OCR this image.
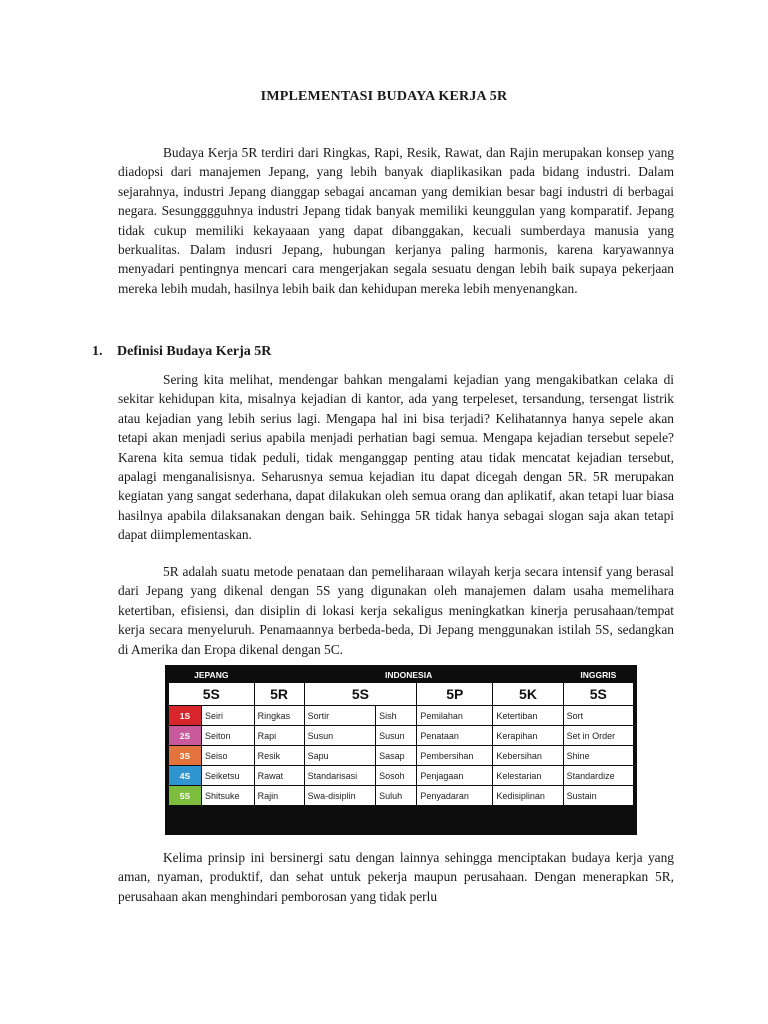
IMPLEMENTASI BUDAYA KERJA 5R

Budaya Kerja 5R terdiri dari Ringkas, Rapi, Resik, Rawat, dan Rajin merupakan konsep yang diadopsi dari manajemen Jepang, yang lebih banyak diaplikasikan pada bidang industri. Dalam sejarahnya, industri Jepang dianggap sebagai ancaman yang demikian besar bagi industri di berbagai negara. Sesungggguhnya industri Jepang tidak banyak memiliki keunggulan yang komparatif. Jepang tidak cukup memiliki kekayaaan yang dapat dibanggakan, kecuali sumberdaya manusia yang berkualitas. Dalam indusri Jepang, hubungan kerjanya paling harmonis, karena karyawannya menyadari pentingnya mencari cara mengerjakan segala sesuatu dengan lebih baik supaya pekerjaan mereka lebih mudah, hasilnya lebih baik dan kehidupan mereka lebih menyenangkan.

1. Definisi Budaya Kerja 5R

Sering kita melihat, mendengar bahkan mengalami kejadian yang mengakibatkan celaka di sekitar kehidupan kita, misalnya kejadian di kantor, ada yang terpeleset, tersandung, tersengat listrik atau kejadian yang lebih serius lagi. Mengapa hal ini bisa terjadi? Kelihatannya hanya sepele akan tetapi akan menjadi serius apabila menjadi perhatian bagi semua. Mengapa kejadian tersebut sepele? Karena kita semua tidak peduli, tidak menganggap penting atau tidak mencatat kejadian tersebut, apalagi menganalisisnya. Seharusnya semua kejadian itu dapat dicegah dengan 5R. 5R merupakan kegiatan yang sangat sederhana, dapat dilakukan oleh semua orang dan aplikatif, akan tetapi luar biasa hasilnya apabila dilaksanakan dengan baik. Sehingga 5R tidak hanya sebagai slogan saja akan tetapi dapat diimplementaskan.

5R adalah suatu metode penataan dan pemeliharaan wilayah kerja secara intensif yang berasal dari Jepang yang dikenal dengan 5S yang digunakan oleh manajemen dalam usaha memelihara ketertiban, efisiensi, dan disiplin di lokasi kerja sekaligus meningkatkan kinerja perusahaan/tempat kerja secara menyeluruh. Penamaannya berbeda-beda, Di Jepang menggunakan istilah 5S, sedangkan di Amerika dan Eropa dikenal dengan 5C.

JEPANG		INDONESIA					INGGRIS
5S		5R	5S		5P	5K	5S
1S	Seiri	Ringkas	Sortir	Sish	Pemilahan	Ketertiban	Sort
2S	Seiton	Rapi	Susun	Susun	Penataan	Kerapihan	Set in Order
3S	Seiso	Resik	Sapu	Sasap	Pembersihan	Kebersihan	Shine
4S	Seiketsu	Rawat	Standarisasi	Sosoh	Penjagaan	Kelestarian	Standardize
5S	Shitsuke	Rajin	Swa-disiplin	Suluh	Penyadaran	Kedisiplinan	Sustain

Kelima prinsip ini bersinergi satu dengan lainnya sehingga menciptakan budaya kerja yang aman, nyaman, produktif, dan sehat untuk pekerja maupun perusahaan. Dengan menerapkan 5R, perusahaan akan menghindari pemborosan yang tidak perlu
